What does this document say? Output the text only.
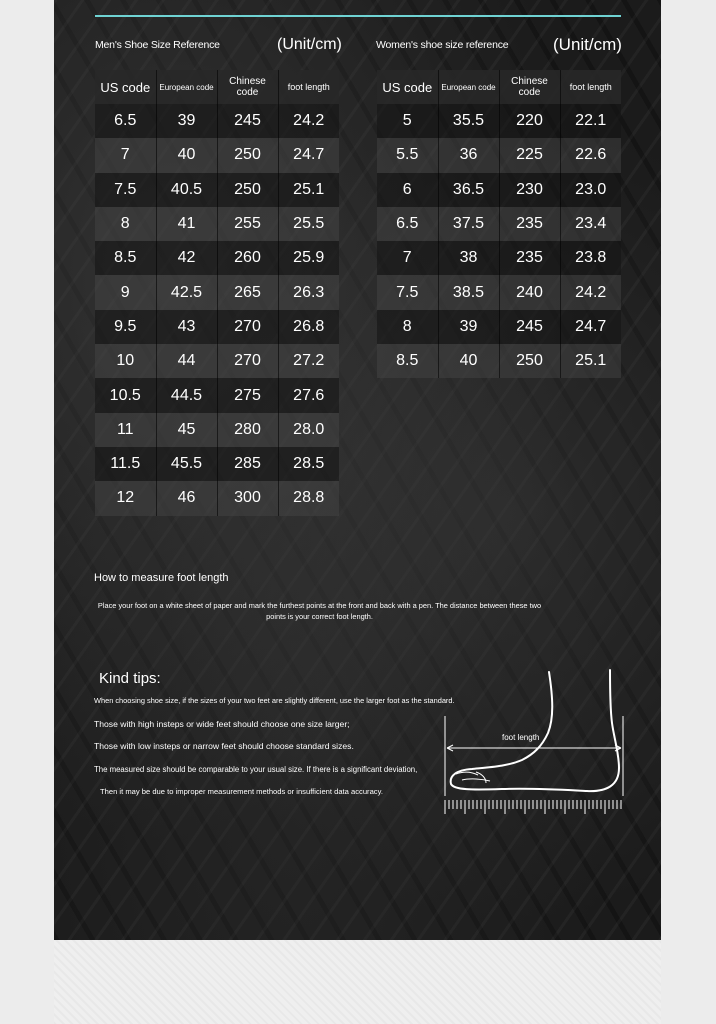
Men's Shoe Size Reference	(Unit/cm)
US code	European code	Chinese code	foot length
6.5	39	245	24.2
7	40	250	24.7
7.5	40.5	250	25.1
8	41	255	25.5
8.5	42	260	25.9
9	42.5	265	26.3
9.5	43	270	26.8
10	44	270	27.2
10.5	44.5	275	27.6
11	45	280	28.0
11.5	45.5	285	28.5
12	46	300	28.8
Women's shoe size reference	(Unit/cm)
US code	European code	Chinese code	foot length
5	35.5	220	22.1
5.5	36	225	22.6
6	36.5	230	23.0
6.5	37.5	235	23.4
7	38	235	23.8
7.5	38.5	240	24.2
8	39	245	24.7
8.5	40	250	25.1
How to measure foot length
Place your foot on a white sheet of paper and mark the furthest points at the front and back with a pen. The distance between these two points is your correct foot length.
Kind tips:
When choosing shoe size, if the sizes of your two feet are slightly different, use the larger foot as the standard.
Those with high insteps or wide feet should choose one size larger;
Those with low insteps or narrow feet should choose standard sizes.
The measured size should be comparable to your usual size. If there is a significant deviation,
Then it may be due to improper measurement methods or insufficient data accuracy.
foot length
